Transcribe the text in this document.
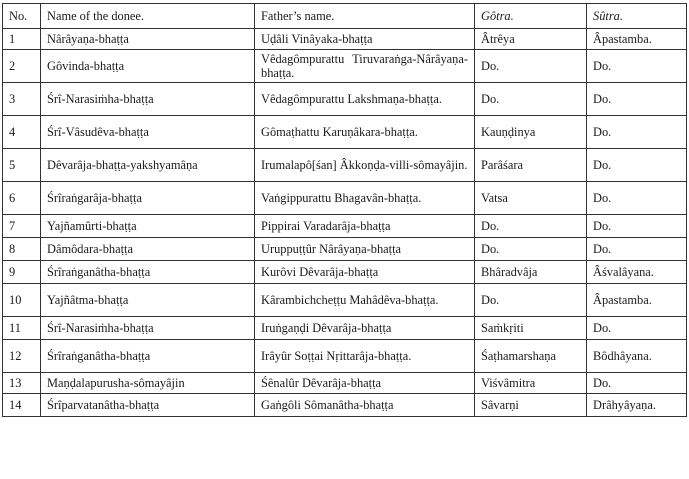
No.	Name of the donee.	Father’s name.	Gôtra.	Sûtra.
1	Nârâyaṇa-bhaṭṭa	Uḍâli Vinâyaka-bhaṭṭa	Âtrêya	Âpastamba.
2	Gôvinda-bhaṭṭa	Vêdagômpurattu Tiruvaraṅga-Nârâyaṇa-bhaṭṭa.	Do.	Do.
3	Śrî-Narasiṁha-bhaṭṭa	Vêdagômpurattu Lakshmaṇa-bhaṭṭa.	Do.	Do.
4	Śrî-Vâsudêva-bhaṭṭa	Gômaṭhattu Karuṇâkara-bhaṭṭa.	Kauṇḍinya	Do.
5	Dêvarâja-bhaṭṭa-yakshyamâṇa	Irumalapô[śan] Âkkoṇḍa-villi-sômayâjin.	Parâśara	Do.
6	Śrîraṅgarâja-bhaṭṭa	Vaṅgippurattu Bhagavân-bhaṭṭa.	Vatsa	Do.
7	Yajñamûrti-bhaṭṭa	Pippirai Varadarâja-bhaṭṭa	Do.	Do.
8	Dâmôdara-bhaṭṭa	Uruppuṭṭûr Nârâyaṇa-bhaṭṭa	Do.	Do.
9	Śrîraṅganâtha-bhaṭṭa	Kurôvi Dêvarâja-bhaṭṭa	Bhâradvâja	Âśvalâyana.
10	Yajñâtma-bhaṭṭa	Kârambichcheṭṭu Mahâdêva-bhaṭṭa.	Do.	Âpastamba.
11	Śrî-Narasiṁha-bhaṭṭa	Iruṅgaṇḍi Dêvarâja-bhaṭṭa	Saṁkṛiti	Do.
12	Śrîraṅganâtha-bhaṭṭa	Irâyûr Soṭṭai Nṛittarâja-bhaṭṭa.	Śaṭhamarshaṇa	Bôdhâyana.
13	Maṇḍalapurusha-sômayâjin	Śênalûr Dêvarâja-bhaṭṭa	Viśvâmitra	Do.
14	Śrîparvatanâtha-bhaṭṭa	Gaṅgôli Sômanâtha-bhaṭṭa	Sâvarṇi	Drâhyâyaṇa.
